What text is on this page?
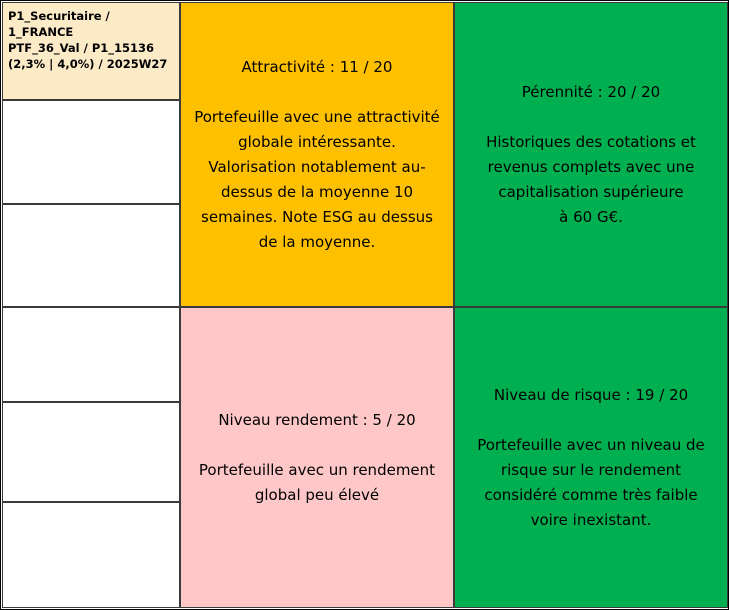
P1_Securitaire /
1_FRANCE
PTF_36_Val / P1_15136
(2,3% | 4,0%) / 2025W27	Attractivité : 11 / 20
Portefeuille avec une attractivité
globale intéressante.
Valorisation notablement au-
dessus de la moyenne 10
semaines. Note ESG au dessus
de la moyenne.
Pérennité : 20 / 20
Historiques des cotations et
revenus complets avec une
capitalisation supérieure
à 60 G€.
Niveau rendement : 5 / 20
Portefeuille avec un rendement
global peu élevé
Niveau de risque : 19 / 20
Portefeuille avec un niveau de
risque sur le rendement
considéré comme très faible
voire inexistant.
